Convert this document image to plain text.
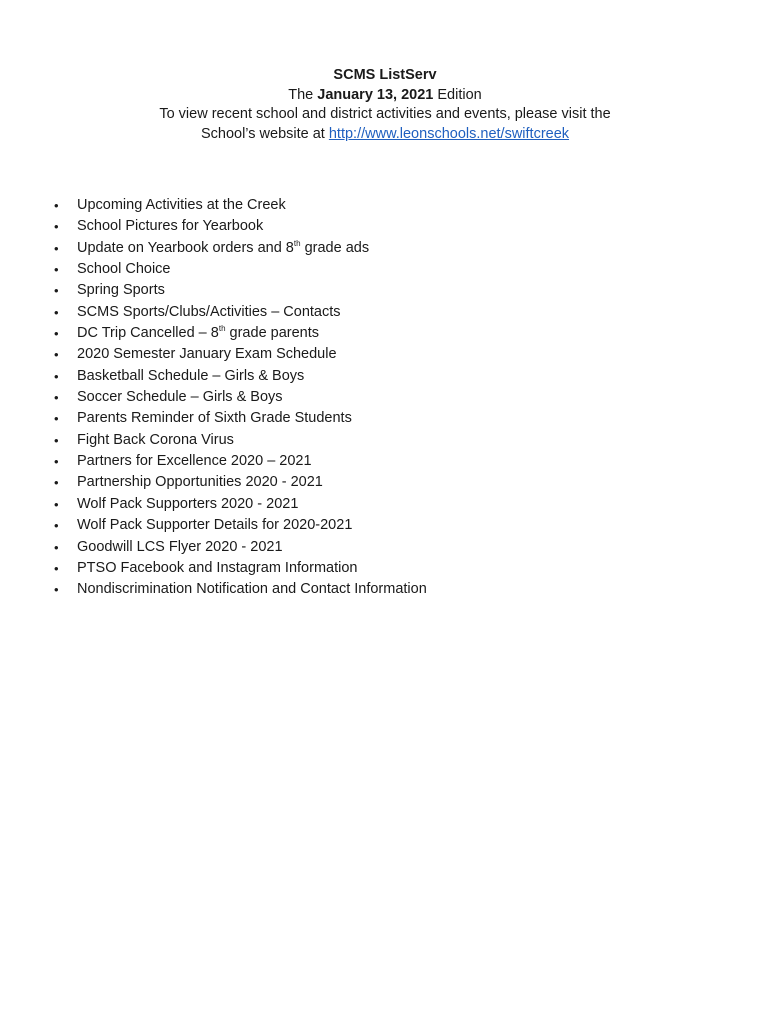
SCMS ListServ
The January 13, 2021 Edition
To view recent school and district activities and events, please visit the
School’s website at http://www.leonschools.net/swiftcreek
•	Upcoming Activities at the Creek
•	School Pictures for Yearbook
•	Update on Yearbook orders and 8th grade ads
•	School Choice
•	Spring Sports
•	SCMS Sports/Clubs/Activities – Contacts
•	DC Trip Cancelled – 8th grade parents
•	2020 Semester January Exam Schedule
•	Basketball Schedule – Girls & Boys
•	Soccer Schedule – Girls & Boys
•	Parents Reminder of Sixth Grade Students
•	Fight Back Corona Virus
•	Partners for Excellence 2020 – 2021
•	Partnership Opportunities 2020 - 2021
•	Wolf Pack Supporters 2020 - 2021
•	Wolf Pack Supporter Details for 2020-2021
•	Goodwill LCS Flyer 2020 - 2021
•	PTSO Facebook and Instagram Information
•	Nondiscrimination Notification and Contact Information
